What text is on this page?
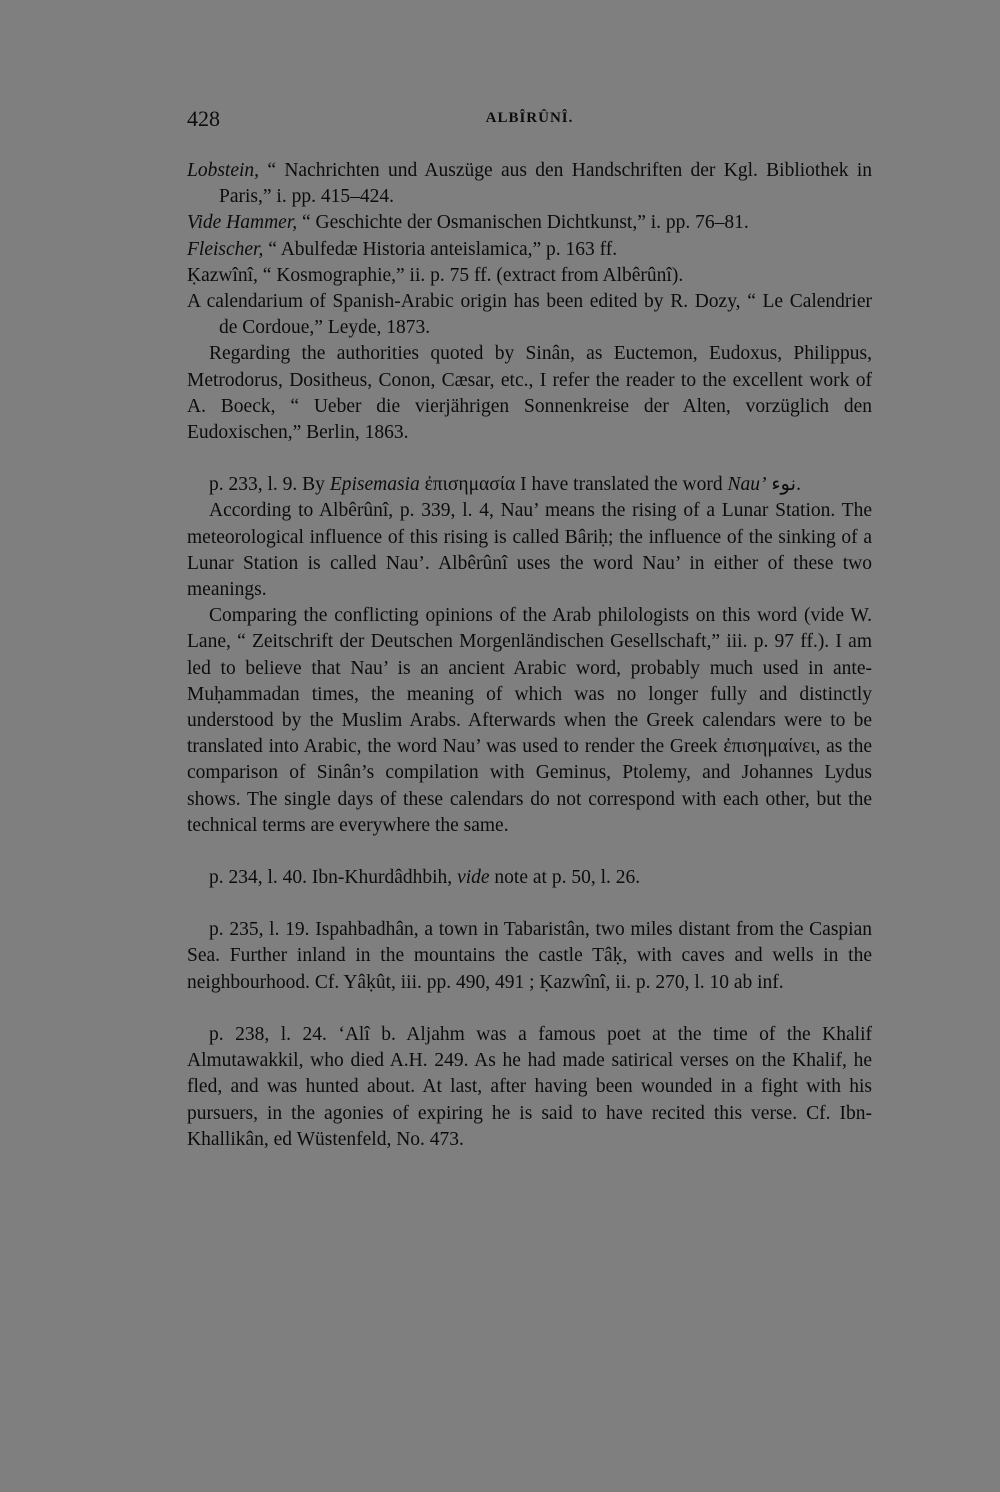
428	ALBÎRÛNÎ.

Lobstein, “ Nachrichten und Auszüge aus den Handschriften der Kgl. Bibliothek in Paris,” i. pp. 415–424.

Vide Hammer, “ Geschichte der Osmanischen Dichtkunst,” i. pp. 76–81.

Fleischer, “ Abulfedæ Historia anteislamica,” p. 163 ff.

Ḳazwînî, “ Kosmographie,” ii. p. 75 ff. (extract from Albêrûnî).

A calendarium of Spanish-Arabic origin has been edited by R. Dozy, “ Le Calendrier de Cordoue,” Leyde, 1873.

Regarding the authorities quoted by Sinân, as Euctemon, Eudoxus, Philippus, Metrodorus, Dositheus, Conon, Cæsar, etc., I refer the reader to the excellent work of A. Boeck, “ Ueber die vierjährigen Sonnenkreise der Alten, vorzüglich den Eudoxischen,” Berlin, 1863.

p. 233, l. 9. By Episemasia ἐπισημασία I have translated the word Nau’ نوء.

According to Albêrûnî, p. 339, l. 4, Nau’ means the rising of a Lunar Station. The meteorological influence of this rising is called Bâriḥ; the influence of the sinking of a Lunar Station is called Nau’. Albêrûnî uses the word Nau’ in either of these two meanings.

Comparing the conflicting opinions of the Arab philologists on this word (vide W. Lane, “ Zeitschrift der Deutschen Morgenländischen Gesellschaft,” iii. p. 97 ff.). I am led to believe that Nau’ is an ancient Arabic word, probably much used in ante-Muḥammadan times, the meaning of which was no longer fully and distinctly understood by the Muslim Arabs. Afterwards when the Greek calendars were to be translated into Arabic, the word Nau’ was used to render the Greek ἐπισημαίνει, as the comparison of Sinân’s compilation with Geminus, Ptolemy, and Johannes Lydus shows. The single days of these calendars do not correspond with each other, but the technical terms are everywhere the same.

p. 234, l. 40. Ibn-Khurdâdhbih, vide note at p. 50, l. 26.

p. 235, l. 19. Ispahbadhân, a town in Tabaristân, two miles distant from the Caspian Sea. Further inland in the mountains the castle Tâḳ, with caves and wells in the neighbourhood. Cf. Yâḳût, iii. pp. 490, 491 ; Ḳazwînî, ii. p. 270, l. 10 ab inf.

p. 238, l. 24. ‘Alî b. Aljahm was a famous poet at the time of the Khalif Almutawakkil, who died A.H. 249. As he had made satirical verses on the Khalif, he fled, and was hunted about. At last, after having been wounded in a fight with his pursuers, in the agonies of expiring he is said to have recited this verse. Cf. Ibn-Khallikân, ed Wüstenfeld, No. 473.
